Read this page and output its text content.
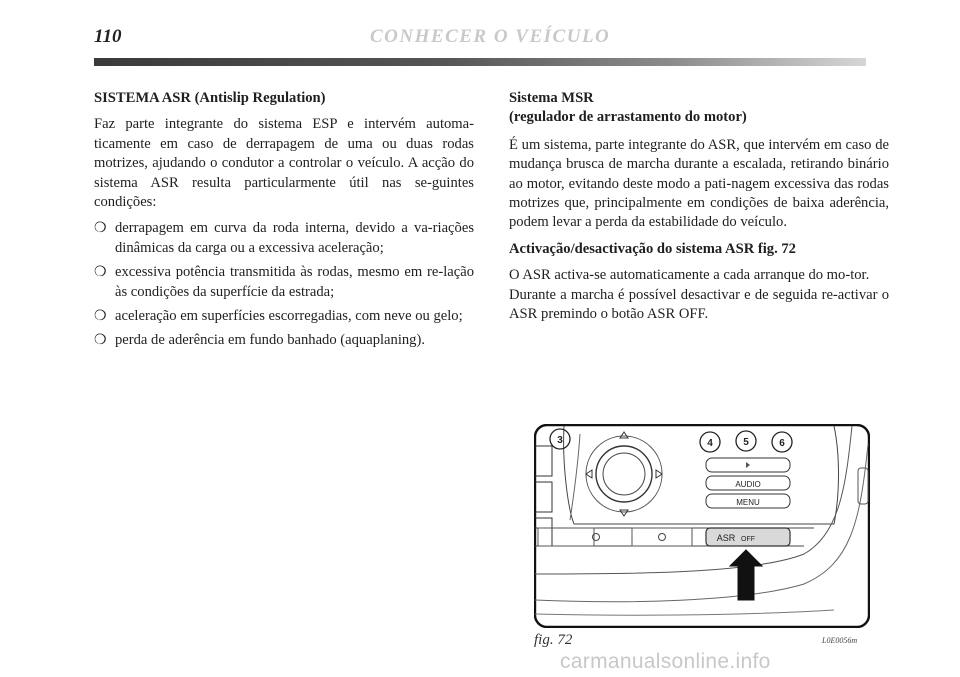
110	CONHECER O VEÍCULO

SISTEMA ASR (Antislip Regulation)

Faz parte integrante do sistema ESP e intervém automa-ticamente em caso de derrapagem de uma ou duas rodas motrizes, ajudando o condutor a controlar o veículo. A acção do sistema ASR resulta particularmente útil nas se-guintes condições:

❍ derrapagem em curva da roda interna, devido a va-riações dinâmicas da carga ou a excessiva aceleração;
❍ excessiva potência transmitida às rodas, mesmo em re-lação às condições da superfície da estrada;
❍ aceleração em superfícies escorregadias, com neve ou gelo;
❍ perda de aderência em fundo banhado (aquaplaning).

Sistema MSR
(regulador de arrastamento do motor)

É um sistema, parte integrante do ASR, que intervém em caso de mudança brusca de marcha durante a escalada, retirando binário ao motor, evitando deste modo a pati-nagem excessiva das rodas motrizes que, principalmente em condições de baixa aderência, podem levar a perda da estabilidade do veículo.

Activação/desactivação do sistema ASR fig. 72

O ASR activa-se automaticamente a cada arranque do mo-tor.

Durante a marcha é possível desactivar e de seguida re-activar o ASR premindo o botão ASR OFF.

3	4	5	6
AUDIO
MENU
ASR OFF
fig. 72	L0E0056m
carmanualsonline.info
